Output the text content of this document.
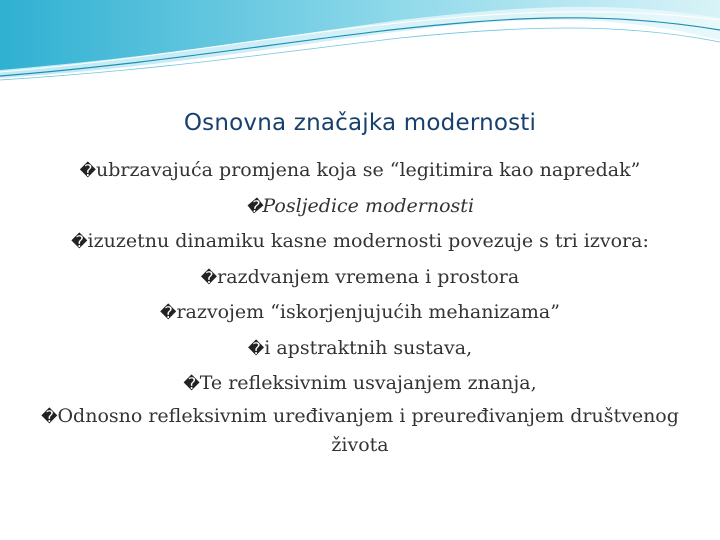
Osnovna značajka modernosti
�ubrzavajuća promjena koja se “legitimira kao napredak”
�Posljedice modernosti
�izuzetnu dinamiku kasne modernosti povezuje s tri izvora:
�razdvanjem vremena i prostora
�razvojem “iskorjenjujućih mehanizama”
�i apstraktnih sustava,
�Te refleksivnim usvajanjem znanja,
�Odnosno refleksivnim uređivanjem i preuređivanjem društvenog života
